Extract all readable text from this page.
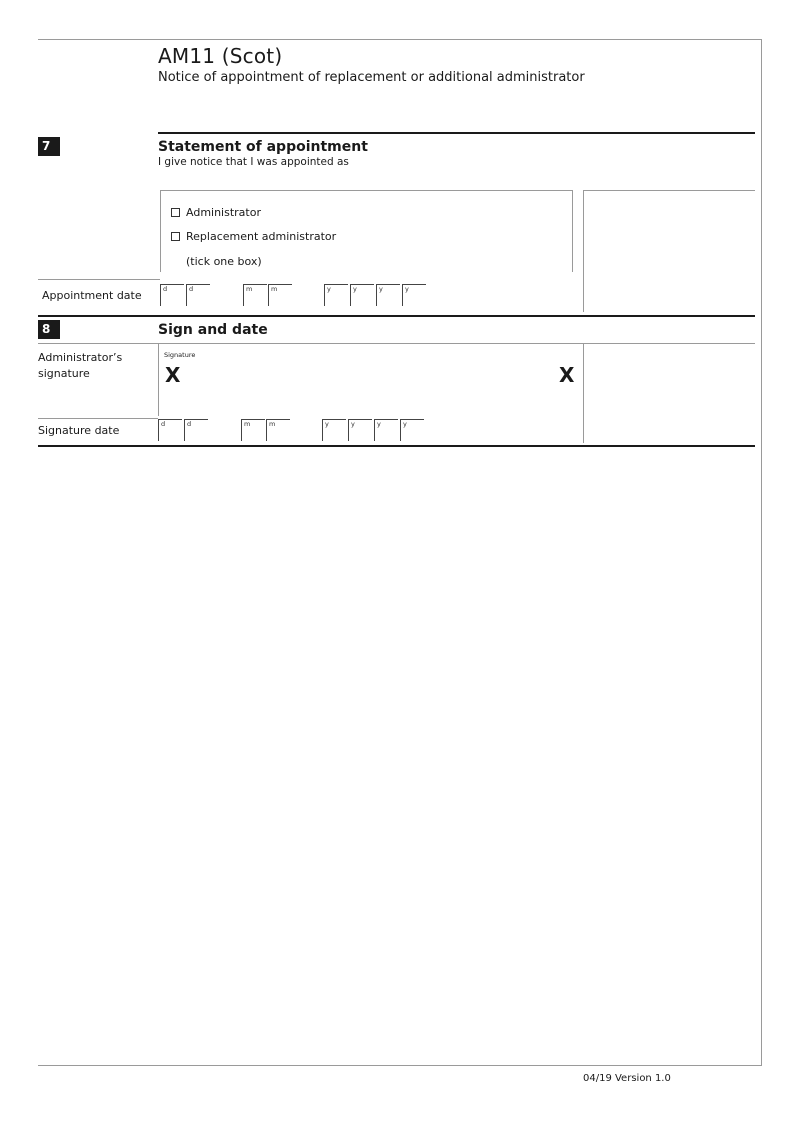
AM11 (Scot)
Notice of appointment of replacement or additional administrator
7	Statement of appointment
I give notice that I was appointed as
Administrator
Replacement administrator
(tick one box)
Appointment date	d	d	m	m	y	y	y	y
8	Sign and date
Administrator’s
signature
Signature
X	X
Signature date	d	d	m	m	y	y	y	y
04/19 Version 1.0
